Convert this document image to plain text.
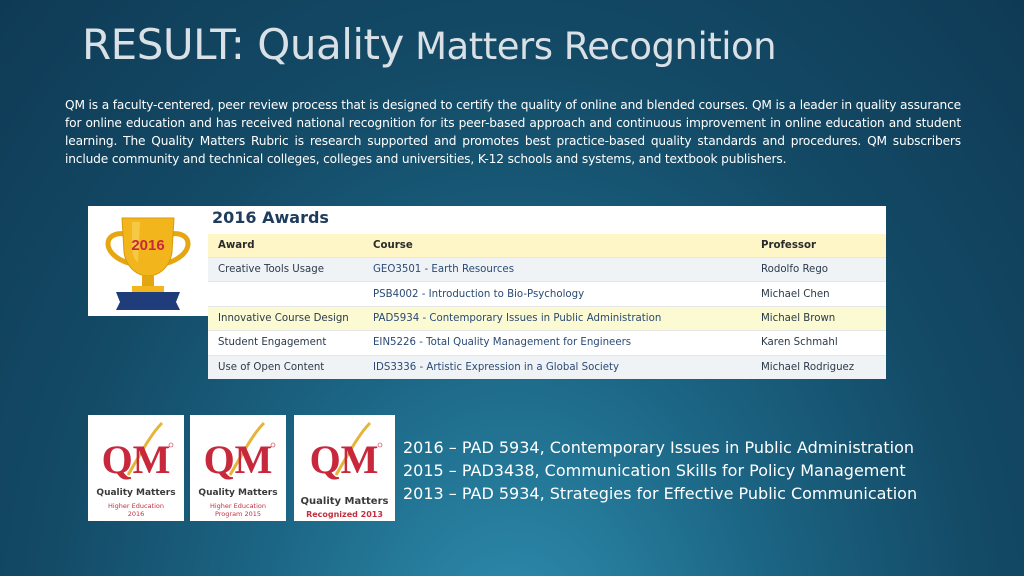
RESULT: Quality Matters Recognition

QM is a faculty-centered, peer review process that is designed to certify the quality of online and blended courses. QM is a leader in quality assurance for online education and has received national recognition for its peer-based approach and continuous improvement in online education and student learning. The Quality Matters Rubric is research supported and promotes best practice-based quality standards and procedures. QM subscribers include community and technical colleges, colleges and universities, K-12 schools and systems, and textbook publishers.

2016
2016 Awards
Award	Course	Professor
Creative Tools Usage	GEO3501 - Earth Resources	Rodolfo Rego
	PSB4002 - Introduction to Bio-Psychology	Michael Chen
Innovative Course Design	PAD5934 - Contemporary Issues in Public Administration	Michael Brown
Student Engagement	EIN5226 - Total Quality Management for Engineers	Karen Schmahl
Use of Open Content	IDS3336 - Artistic Expression in a Global Society	Michael Rodriguez
QM

Quality Matters

Higher Education

2016

QM

Quality Matters

Higher Education

Program 2015

QM

Quality Matters

Recognized 2013

2016 – PAD 5934, Contemporary Issues in Public Administration
2015 – PAD3438, Communication Skills for Policy Management
2013 – PAD 5934, Strategies for Effective Public Communication
